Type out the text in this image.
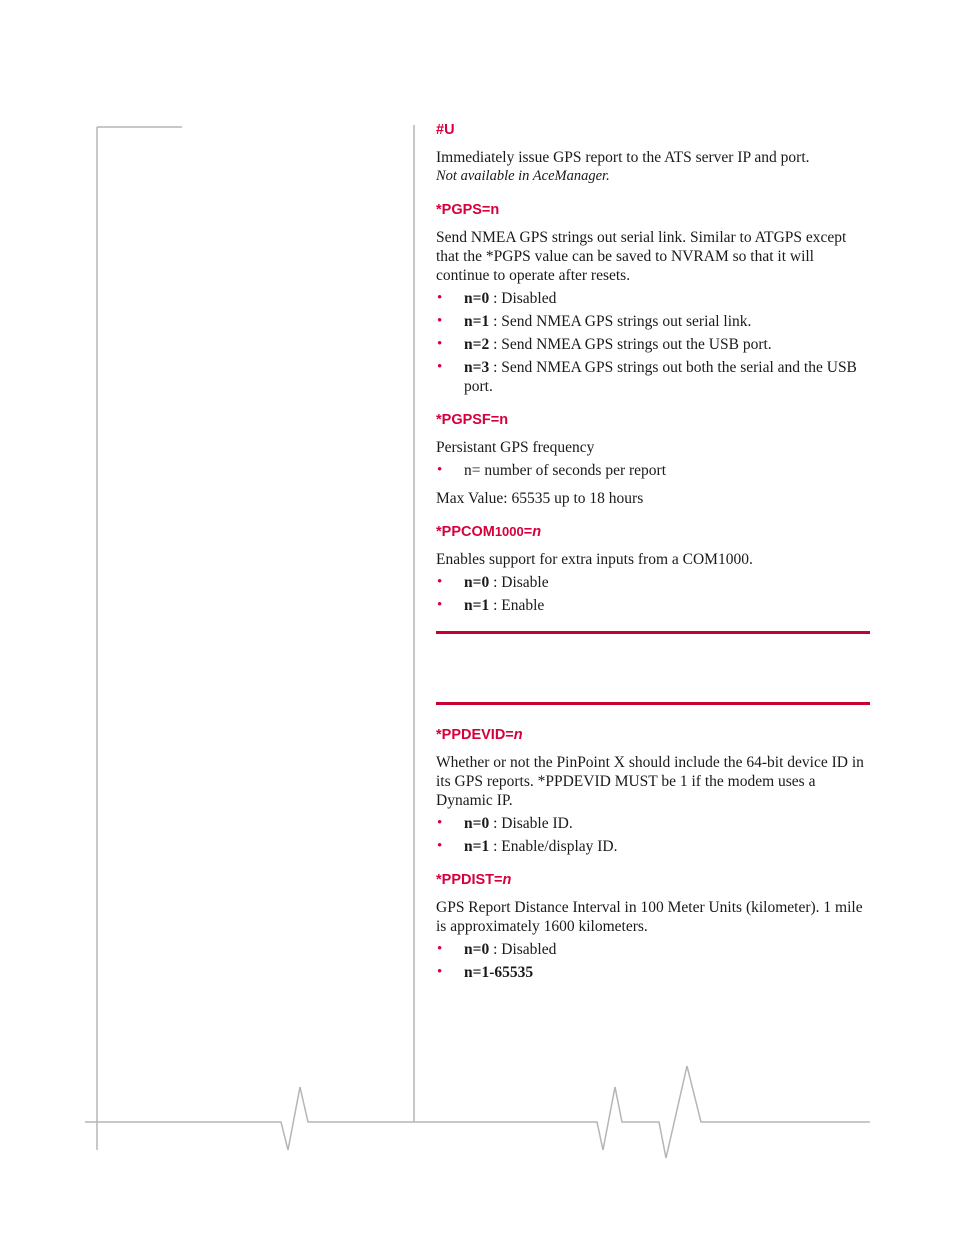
#U

Immediately issue GPS report to the ATS server IP and port.

Not available in AceManager.

*PGPS=n

Send NMEA GPS strings out serial link. Similar to ATGPS except that the *PGPS value can be saved to NVRAM so that it will continue to operate after resets.

• n=0 : Disabled
• n=1 : Send NMEA GPS strings out serial link.
• n=2 : Send NMEA GPS strings out the USB port.
• n=3 : Send NMEA GPS strings out both the serial and the USB port.
*PGPSF=n

Persistant GPS frequency

• n= number of seconds per report

Max Value: 65535 up to 18 hours

*PPCOM1000=n

Enables support for extra inputs from a COM1000.

• n=0 : Disable
• n=1 : Enable
*PPDEVID=n

Whether or not the PinPoint X should include the 64-bit device ID in its GPS reports. *PPDEVID MUST be 1 if the modem uses a Dynamic IP.

• n=0 : Disable ID.
• n=1 : Enable/display ID.
*PPDIST=n

GPS Report Distance Interval in 100 Meter Units (kilometer). 1 mile is approximately 1600 kilometers.

• n=0 : Disabled
• n=1-65535
